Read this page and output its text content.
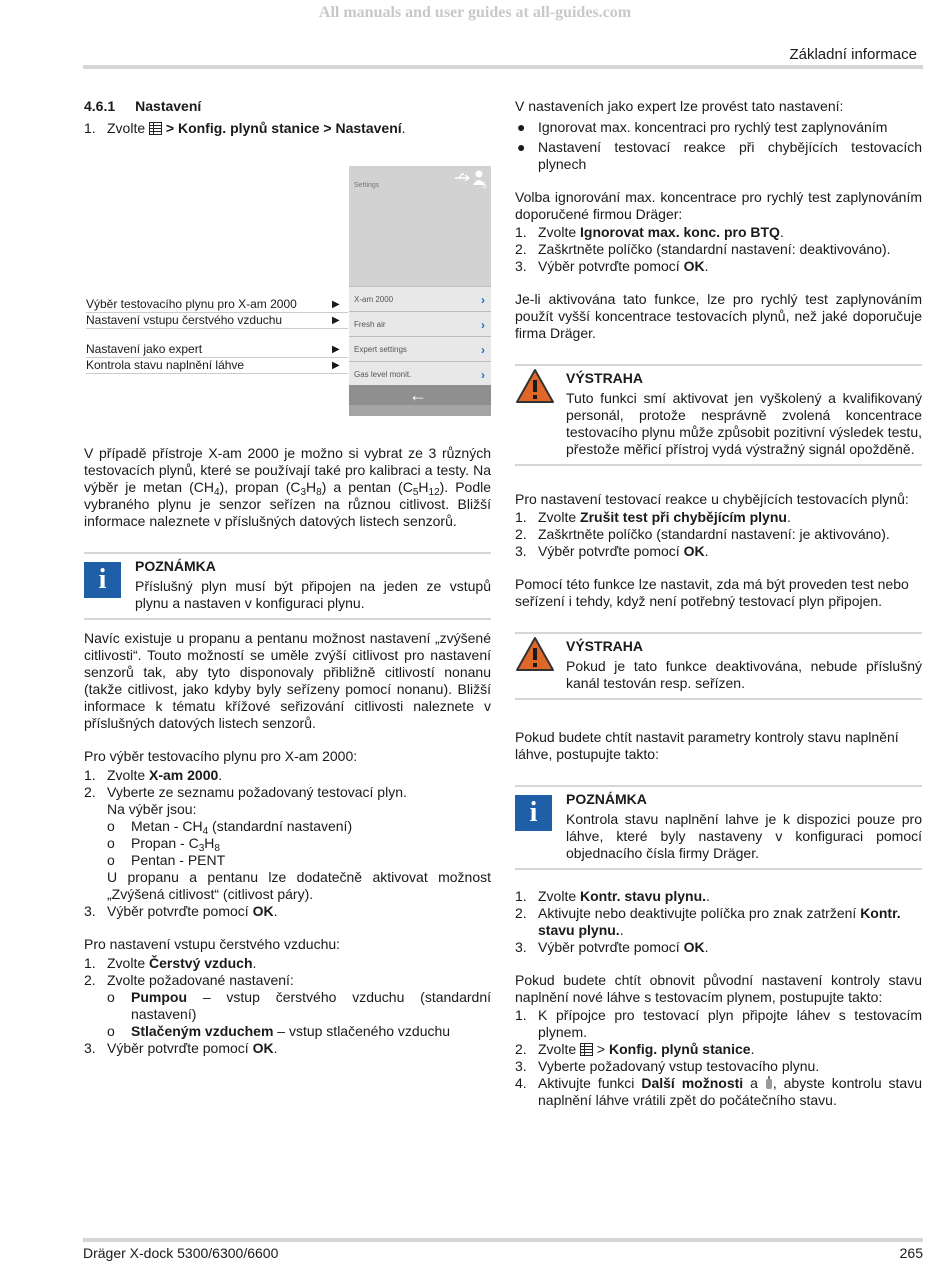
All manuals and user guides at all-guides.com
Základní informace
4.6.1 Nastavení
1. Zvolte  > Konfig. plynů stanice > Nastavení.
Settings	5
X-am 2000	›
Fresh air	›
Expert settings	›
Gas level monit.	›
←
Výběr testovacího plynu pro X-am 2000	▶
Nastavení vstupu čerstvého vzduchu	▶
Nastavení jako expert	▶
Kontrola stavu naplnění láhve	▶

V případě přístroje X-am 2000 je možno si vybrat ze 3 různých testovacích plynů, které se používají také pro kalibraci a testy. Na výběr je metan $(CH_4)$, propan $(C_3H_8)$ a pentan $(C_5H_{12})$. Podle vybraného plynu je senzor seřízen na různou citlivost. Bližší informace naleznete v příslušných datových listech senzorů.

i	POZNÁMKA

Příslušný plyn musí být připojen na jeden ze vstupů plynu a nastaven v konfiguraci plynu.

Navíc existuje u propanu a pentanu možnost nastavení „zvýšené citlivosti“. Touto možností se uměle zvýší citlivost pro nastavení senzorů tak, aby tyto disponovaly přibližně citlivostí nonanu (takže citlivost, jako kdyby byly seřízeny pomocí nonanu). Bližší informace k tématu křížové seřizování citlivosti naleznete v příslušných datových listech senzorů.

Pro výběr testovacího plynu pro X-am 2000:

1. Zvolte X-am 2000.
2. Vyberte ze seznamu požadovaný testovací plyn.
Na výběr jsou:
o Metan - $CH_4$ (standardní nastavení)
o Propan - $C_3H_8$
o Pentan - PENT

U propanu a pentanu lze dodatečně aktivovat možnost „Zvýšená citlivost“ (citlivost páry).

3. Výběr potvrďte pomocí OK.

Pro nastavení vstupu čerstvého vzduchu:

1. Zvolte Čerstvý vzduch.
2. Zvolte požadované nastavení:
o Pumpou – vstup čerstvého vzduchu (standardní nastavení)

o Stlačeným vzduchem – vstup stlačeného vzduchu
3. Výběr potvrďte pomocí OK.

V nastaveních jako expert lze provést tato nastavení:

● Ignorovat max. koncentraci pro rychlý test zaplynováním

● Nastavení testovací reakce při chybějících testovacích plynech

Volba ignorování max. koncentrace pro rychlý test zaplynováním doporučené firmou Dräger:

1. Zvolte Ignorovat max. konc. pro BTQ.
2. Zaškrtněte políčko (standardní nastavení: deaktivováno).
3. Výběr potvrďte pomocí OK.

Je-li aktivována tato funkce, lze pro rychlý test zaplynováním použít vyšší koncentrace testovacích plynů, než jaké doporučuje firma Dräger.

VÝSTRAHA

Tuto funkci smí aktivovat jen vyškolený a kvalifikovaný personál, protože nesprávně zvolená koncentrace testovacího plynu může způsobit pozitivní výsledek testu, přestože měřicí přístroj vydá výstražný signál opožděně.

Pro nastavení testovací reakce u chybějících testovacích plynů:

1. Zvolte Zrušit test při chybějícím plynu.
2. Zaškrtněte políčko (standardní nastavení: je aktivováno).
3. Výběr potvrďte pomocí OK.

Pomocí této funkce lze nastavit, zda má být proveden test nebo seřízení i tehdy, když není potřebný testovací plyn připojen.

VÝSTRAHA

Pokud je tato funkce deaktivována, nebude příslušný kanál testován resp. seřízen.

Pokud budete chtít nastavit parametry kontroly stavu naplnění láhve, postupujte takto:

i	POZNÁMKA

Kontrola stavu naplnění lahve je k dispozici pouze pro láhve, které byly nastaveny v konfiguraci pomocí objednacího čísla firmy Dräger.

1. Zvolte Kontr. stavu plynu..
2. Aktivujte nebo deaktivujte políčka pro znak zatržení Kontr. stavu plynu..
3. Výběr potvrďte pomocí OK.

Pokud budete chtít obnovit původní nastavení kontroly stavu naplnění nové láhve s testovacím plynem, postupujte takto:

1. K přípojce pro testovací plyn připojte láhev s testovacím plynem.

2. Zvolte  > Konfig. plynů stanice.
3. Vyberte požadovaný vstup testovacího plynu.
4. Aktivujte funkci Další možnosti a , abyste kontrolu stavu naplnění láhve vrátili zpět do počátečního stavu.

Dräger X-dock 5300/6300/6600	265
